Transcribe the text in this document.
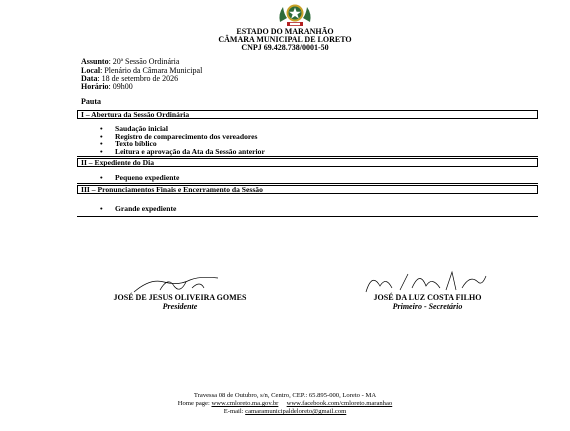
ESTADO DO MARANHÃO
CÂMARA MUNICIPAL DE LORETO
CNPJ 69.428.738/0001-50
Assunto: 20ª Sessão Ordinária
Local: Plenário da Câmara Municipal
Data: 18 de setembro de 2026
Horário: 09h00
Pauta
I – Abertura da Sessão Ordinária
• Saudação inicial
• Registro de comparecimento dos vereadores
• Texto bíblico
• Leitura e aprovação da Ata da Sessão anterior
II – Expediente do Dia
• Pequeno expediente
III – Pronunciamentos Finais e Encerramento da Sessão
• Grande expediente
JOSÉ DE JESUS OLIVEIRA GOMES
Presidente
JOSÉ DA LUZ COSTA FILHO
Primeiro - Secretário
Travessa 08 de Outubro, s/n, Centro, CEP.: 65.895-000, Loreto - MA
Home page: www.cmloreto.ma.gov.br www.facebook.com/cmloreto.maranhao
E-mail: camaramunicipaldeloreto@gmail.com
